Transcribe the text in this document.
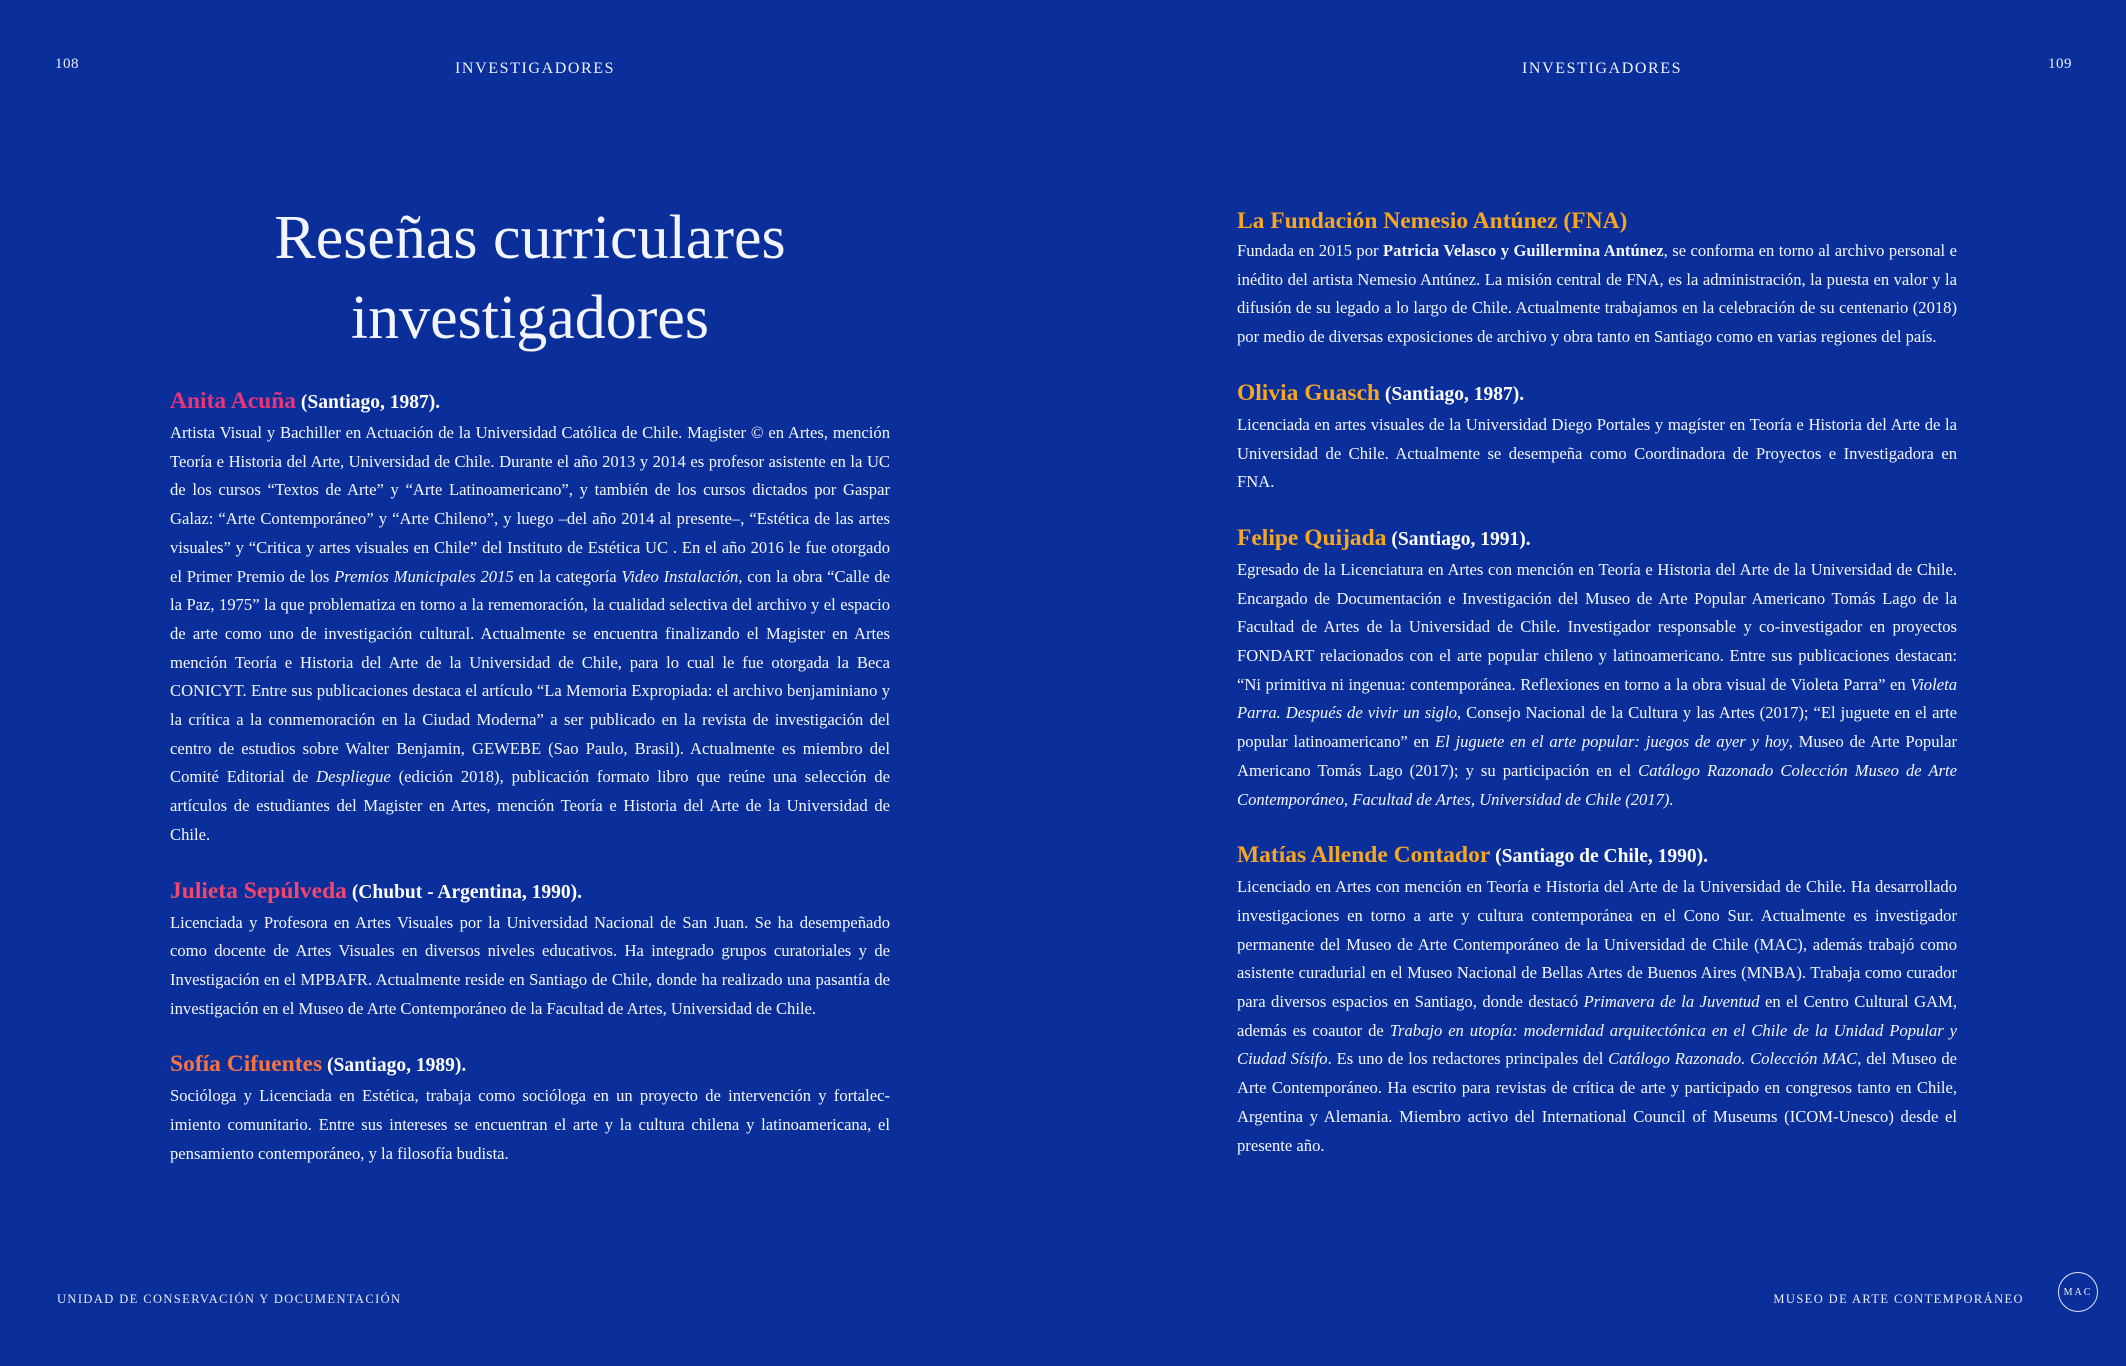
108	INVESTIGADORES
Reseñas curriculares
investigadores

Anita Acuña (Santiago, 1987).

Artista Visual y Bachiller en Actuación de la Universidad Católica de Chile. Magister © en Artes, mención Teoría e Historia del Arte, Universidad de Chile. Durante el año 2013 y 2014 es profesor asistente en la UC de los cursos “Textos de Arte” y “Arte Latinoamericano”, y también de los cursos dictados por Gaspar Galaz: “Arte Contemporáneo” y “Arte Chileno”, y luego –del año 2014 al presente–, “Estética de las artes visuales” y “Critica y artes visuales en Chile” del Instituto de Estética UC . En el año 2016 le fue otorgado el Primer Premio de los Premios Municipales 2015 en la categoría Video Instalación, con la obra “Calle de la Paz, 1975” la que problematiza en torno a la rememoración, la cualidad selectiva del archivo y el espacio de arte como uno de investigación cultural. Actualmente se encuentra finalizando el Magister en Artes mención Teoría e Historia del Arte de la Universidad de Chile, para lo cual le fue otorgada la Beca CONICYT. Entre sus publicaciones destaca el artículo “La Memoria Expropiada: el archivo benjaminiano y la crítica a la conmemoración en la Ciudad Moderna” a ser publicado en la revista de investigación del centro de estudios sobre Walter Benjamin, GEWEBE (Sao Paulo, Brasil). Actualmente es miembro del Comité Editorial de Despliegue (edición 2018), publicación formato libro que reúne una selección de artículos de estudiantes del Magister en Artes, mención Teoría e Historia del Arte de la Universidad de Chile.

Julieta Sepúlveda (Chubut - Argentina, 1990).

Licenciada y Profesora en Artes Visuales por la Universidad Nacional de San Juan. Se ha desempeñado como docente de Artes Visuales en diversos niveles educativos. Ha integrado grupos curatoriales y de Investigación en el MPBAFR. Actualmente reside en Santiago de Chile, donde ha realizado una pasantía de investigación en el Museo de Arte Contemporáneo de la Facultad de Artes, Universidad de Chile.

Sofía Cifuentes (Santiago, 1989).

Socióloga y Licenciada en Estética, trabaja como socióloga en un proyecto de intervención y fortalecimiento comunitario. Entre sus intereses se encuentran el arte y la cultura chilena y latinoamericana, el pensamiento contemporáneo, y la filosofía budista.

UNIDAD DE CONSERVACIÓN Y DOCUMENTACIÓN
INVESTIGADORES	109

La Fundación Nemesio Antúnez (FNA)

Fundada en 2015 por Patricia Velasco y Guillermina Antúnez, se conforma en torno al archivo personal e inédito del artista Nemesio Antúnez. La misión central de FNA, es la administración, la puesta en valor y la difusión de su legado a lo largo de Chile. Actualmente trabajamos en la celebración de su centenario (2018) por medio de diversas exposiciones de archivo y obra tanto en Santiago como en varias regiones del país.

Olivia Guasch (Santiago, 1987).

Licenciada en artes visuales de la Universidad Diego Portales y magíster en Teoría e Historia del Arte de la Universidad de Chile. Actualmente se desempeña como Coordinadora de Proyectos e Investigadora en FNA.

Felipe Quijada (Santiago, 1991).

Egresado de la Licenciatura en Artes con mención en Teoría e Historia del Arte de la Universidad de Chile. Encargado de Documentación e Investigación del Museo de Arte Popular Americano Tomás Lago de la Facultad de Artes de la Universidad de Chile. Investigador responsable y co-investigador en proyectos FONDART relacionados con el arte popular chileno y latinoamericano. Entre sus publicaciones destacan: “Ni primitiva ni ingenua: contemporánea. Reflexiones en torno a la obra visual de Violeta Parra” en Violeta Parra. Después de vivir un siglo, Consejo Nacional de la Cultura y las Artes (2017); “El juguete en el arte popular latinoamericano” en El juguete en el arte popular: juegos de ayer y hoy, Museo de Arte Popular Americano Tomás Lago (2017); y su participación en el Catálogo Razonado Colección Museo de Arte Contemporáneo, Facultad de Artes, Universidad de Chile (2017).

Matías Allende Contador (Santiago de Chile, 1990).

Licenciado en Artes con mención en Teoría e Historia del Arte de la Universidad de Chile. Ha desarrollado investigaciones en torno a arte y cultura contemporánea en el Cono Sur. Actualmente es investigador permanente del Museo de Arte Contemporáneo de la Universidad de Chile (MAC), además trabajó como asistente curadurial en el Museo Nacional de Bellas Artes de Buenos Aires (MNBA). Trabaja como curador para diversos espacios en Santiago, donde destacó Primavera de la Juventud en el Centro Cultural GAM, además es coautor de Trabajo en utopía: modernidad arquitectónica en el Chile de la Unidad Popular y Ciudad Sísifo. Es uno de los redactores principales del Catálogo Razonado. Colección MAC, del Museo de Arte Contemporáneo. Ha escrito para revistas de crítica de arte y participado en congresos tanto en Chile, Argentina y Alemania. Miembro activo del International Council of Museums (ICOM-Unesco) desde el presente año.

MUSEO DE ARTE CONTEMPORÁNEO	MAC
